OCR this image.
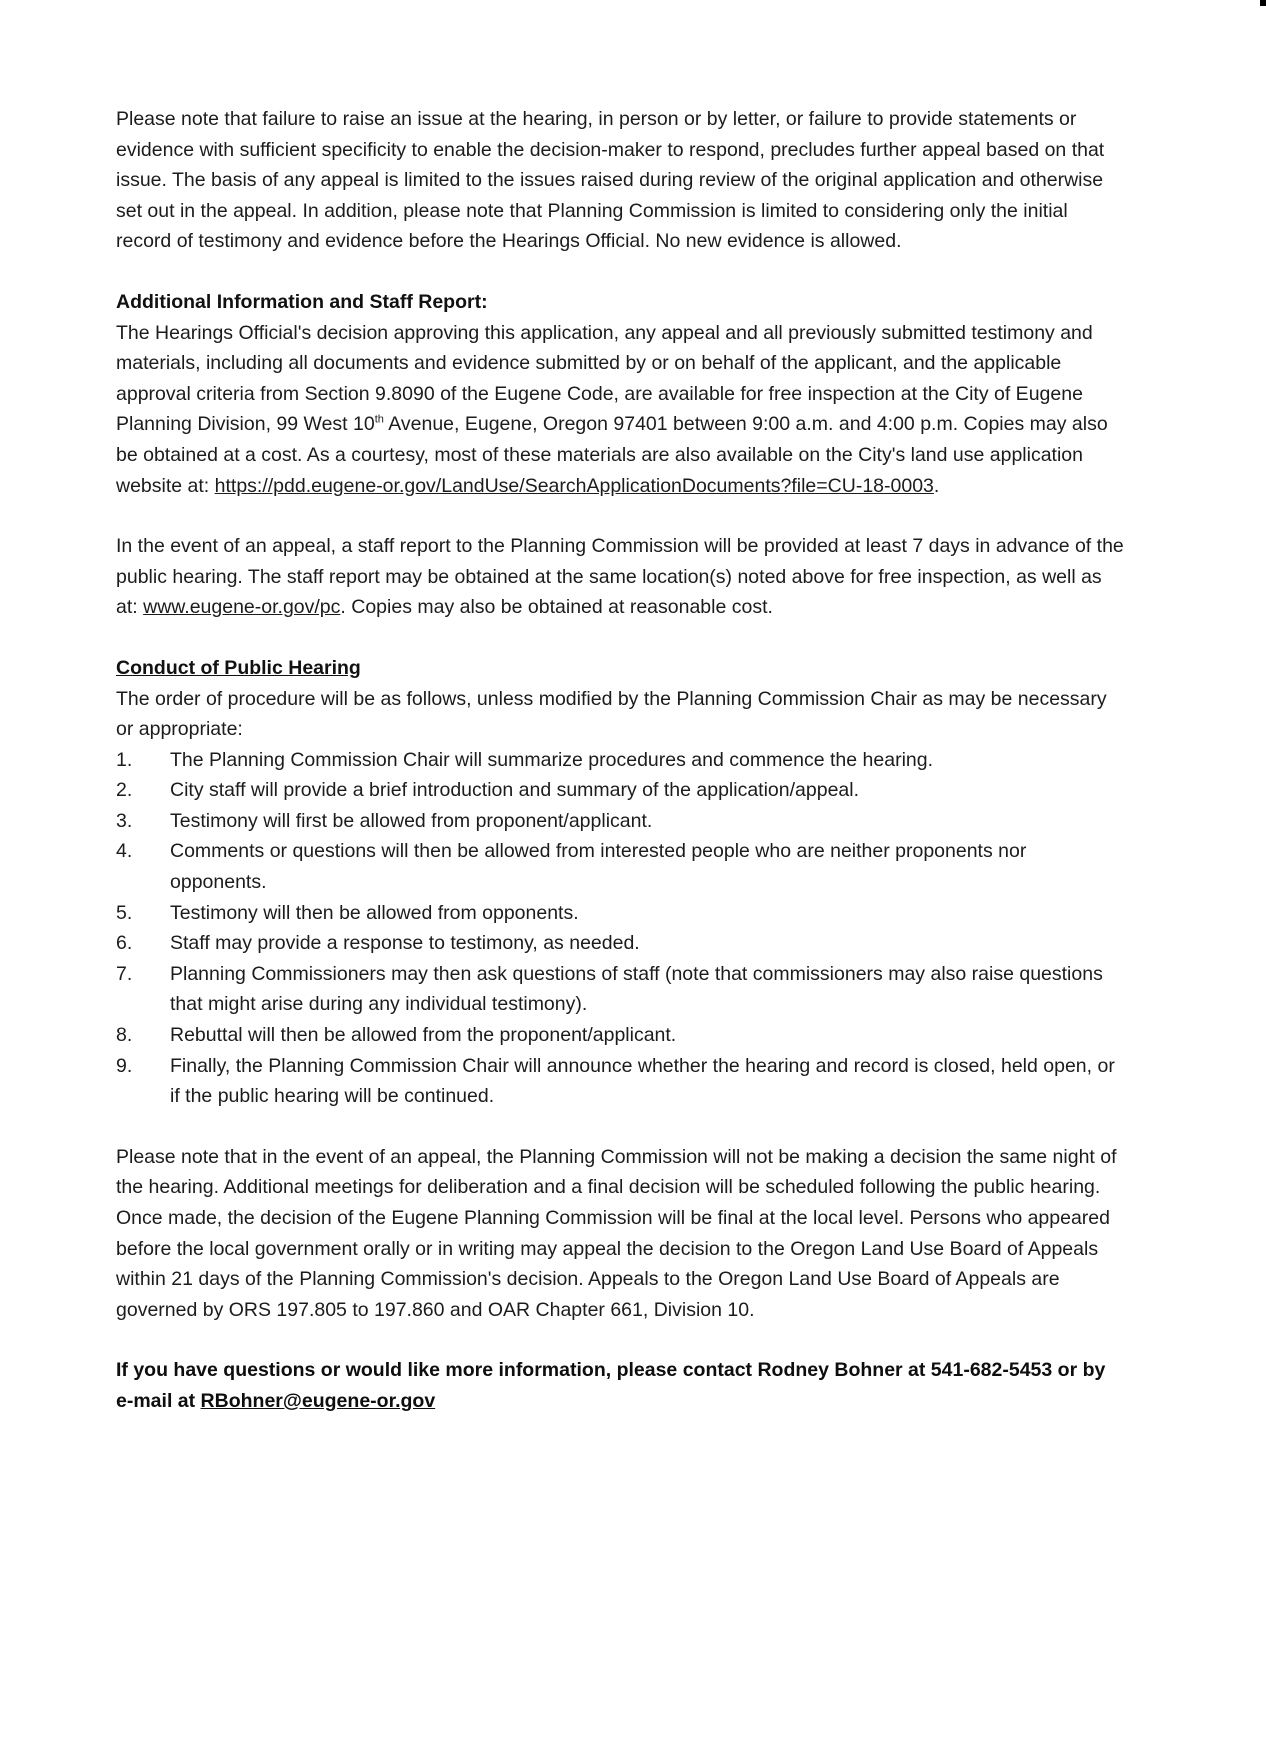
Please note that failure to raise an issue at the hearing, in person or by letter, or failure to provide statements or evidence with sufficient specificity to enable the decision-maker to respond, precludes further appeal based on that issue. The basis of any appeal is limited to the issues raised during review of the original application and otherwise set out in the appeal. In addition, please note that Planning Commission is limited to considering only the initial record of testimony and evidence before the Hearings Official. No new evidence is allowed.

Additional Information and Staff Report:

The Hearings Official's decision approving this application, any appeal and all previously submitted testimony and materials, including all documents and evidence submitted by or on behalf of the applicant, and the applicable approval criteria from Section 9.8090 of the Eugene Code, are available for free inspection at the City of Eugene Planning Division, 99 West 10th Avenue, Eugene, Oregon 97401 between 9:00 a.m. and 4:00 p.m. Copies may also be obtained at a cost. As a courtesy, most of these materials are also available on the City's land use application website at: https://pdd.eugene-or.gov/LandUse/SearchApplicationDocuments?file=CU-18-0003.

In the event of an appeal, a staff report to the Planning Commission will be provided at least 7 days in advance of the public hearing. The staff report may be obtained at the same location(s) noted above for free inspection, as well as at: www.eugene-or.gov/pc. Copies may also be obtained at reasonable cost.

Conduct of Public Hearing

The order of procedure will be as follows, unless modified by the Planning Commission Chair as may be necessary or appropriate:

1.	The Planning Commission Chair will summarize procedures and commence the hearing.
2.	City staff will provide a brief introduction and summary of the application/appeal.
3.	Testimony will first be allowed from proponent/applicant.
4.	Comments or questions will then be allowed from interested people who are neither proponents nor opponents.
5.	Testimony will then be allowed from opponents.
6.	Staff may provide a response to testimony, as needed.
7.	Planning Commissioners may then ask questions of staff (note that commissioners may also raise questions that might arise during any individual testimony).
8.	Rebuttal will then be allowed from the proponent/applicant.
9.	Finally, the Planning Commission Chair will announce whether the hearing and record is closed, held open, or if the public hearing will be continued.

Please note that in the event of an appeal, the Planning Commission will not be making a decision the same night of the hearing. Additional meetings for deliberation and a final decision will be scheduled following the public hearing. Once made, the decision of the Eugene Planning Commission will be final at the local level. Persons who appeared before the local government orally or in writing may appeal the decision to the Oregon Land Use Board of Appeals within 21 days of the Planning Commission's decision. Appeals to the Oregon Land Use Board of Appeals are governed by ORS 197.805 to 197.860 and OAR Chapter 661, Division 10.

If you have questions or would like more information, please contact Rodney Bohner at 541-682-5453 or by e-mail at RBohner@eugene-or.gov
